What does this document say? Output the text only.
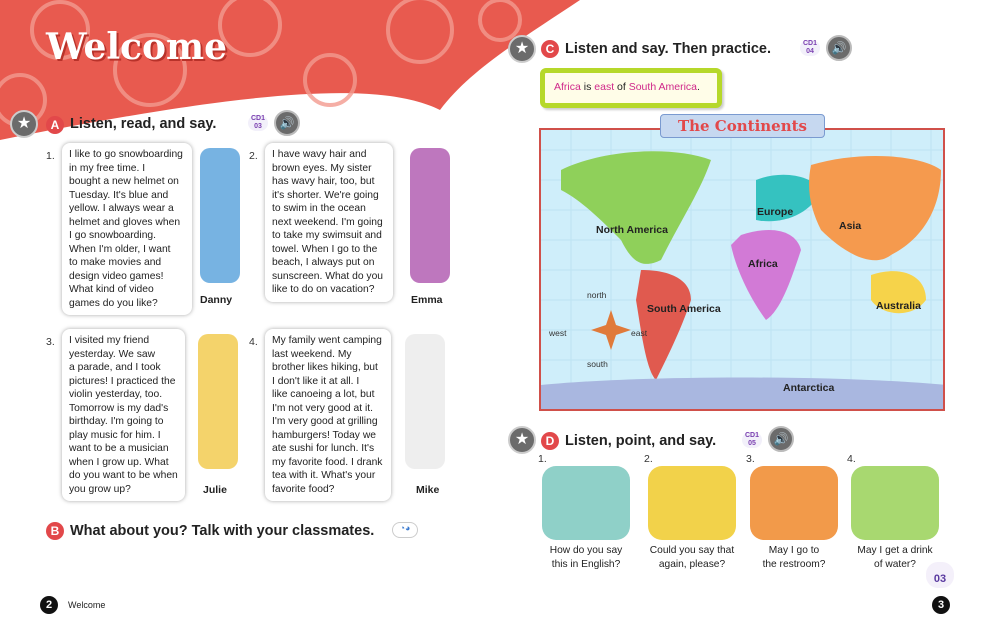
Welcome
★	A Listen, read, and say.	CD1
03	🔊
I like to go snowboarding
in my free time. I
bought a new helmet on
Tuesday. It's blue and
yellow. I always wear a
helmet and gloves when
I go snowboarding.
When I'm older, I want
to make movies and
design video games!
What kind of video
games do you like?
1.
Danny
I have wavy hair and
brown eyes. My sister
has wavy hair, too, but
it's shorter. We're going
to swim in the ocean
next weekend. I'm going
to take my swimsuit and
towel. When I go to the
beach, I always put on
sunscreen. What do you
like to do on vacation?
2.
Emma
I visited my friend
yesterday. We saw
a parade, and I took
pictures! I practiced the
violin yesterday, too.
Tomorrow is my dad's
birthday. I'm going to
play music for him. I
want to be a musician
when I grow up. What
do you want to be when
you grow up?
3.
Julie
My family went camping
last weekend. My
brother likes hiking, but
I don't like it at all. I
like canoeing a lot, but
I'm not very good at it.
I'm very good at grilling
hamburgers! Today we
ate sushi for lunch. It's
my favorite food. I drank
tea with it. What's your
favorite food?
4.
Mike
B What about you? Talk with your classmates.	◔◕
2	Welcome
★	C Listen and say. Then practice.	CD1
04	🔊
Africa is east of South America.
North America
South America
Europe
Africa
Asia
Australia
Antarctica
north
south
west	east
The Continents
★	D Listen, point, and say.	CD1
05	🔊
1.
How do you say
this in English?
2.
Could you say that
again, please?
3.
May I go to
the restroom?
4.
May I get a drink
of water?
03
3
